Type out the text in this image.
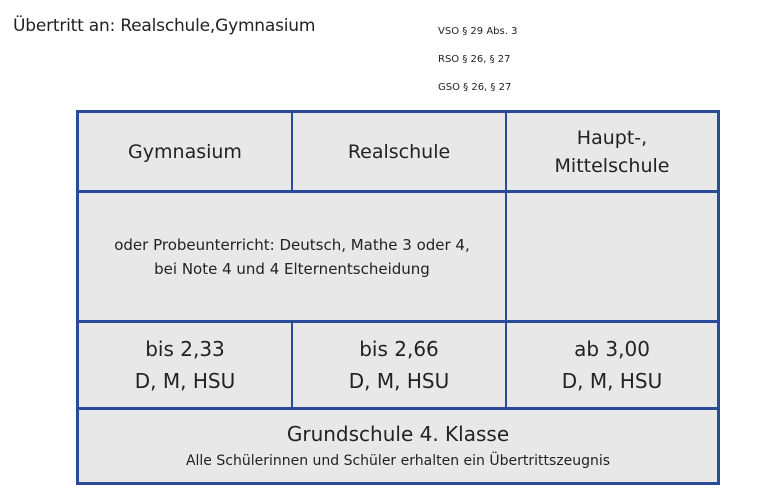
Übertritt an: Realschule,Gymnasium	VSO § 29 Abs. 3
RSO § 26, § 27
GSO § 26, § 27
Gymnasium	Realschule
Haupt-,
Mittelschule
oder Probeunterricht: Deutsch, Mathe 3 oder 4,
bei Note 4 und 4 Elternentscheidung
bis 2,33
D, M, HSU
bis 2,66
D, M, HSU
ab 3,00
D, M, HSU
Grundschule 4. Klasse
Alle Schülerinnen und Schüler erhalten ein Übertrittszeugnis
